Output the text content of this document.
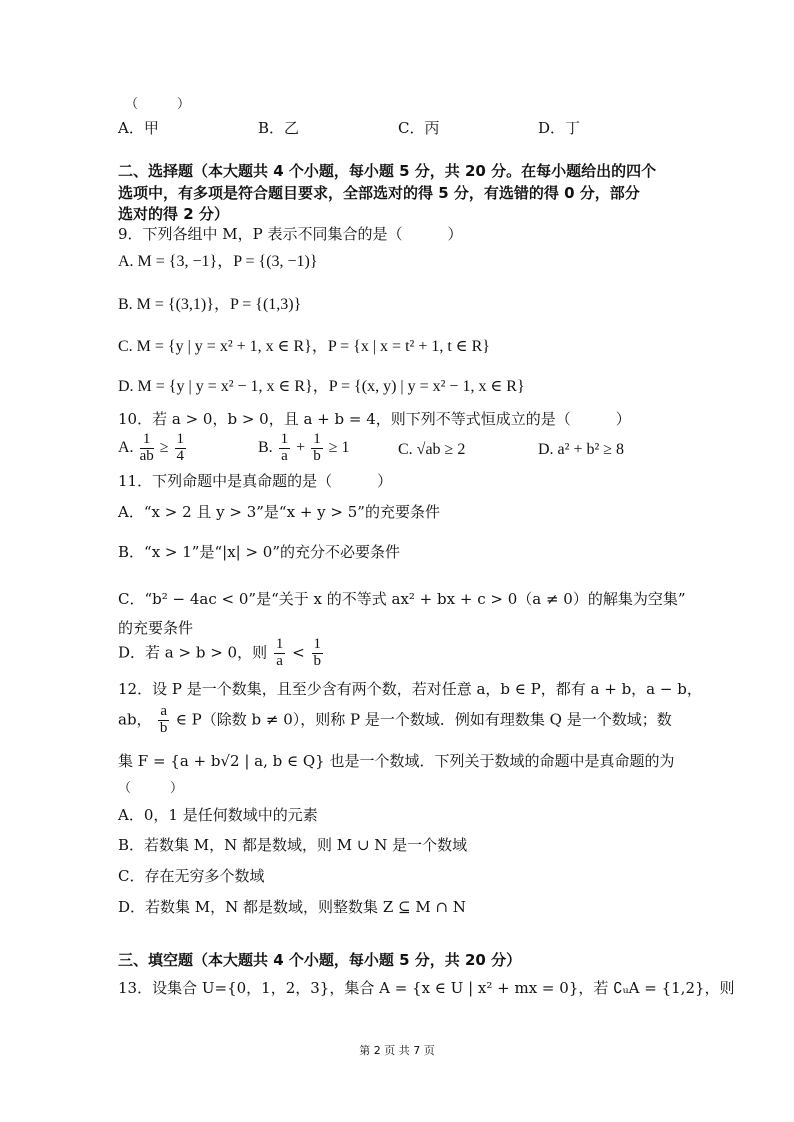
（　　　）
A．甲	B．乙	C．丙	D．丁
二、选择题（本大题共 4 个小题，每小题 5 分，共 20 分。在每小题给出的四个
选项中，有多项是符合题目要求，全部选对的得 5 分，有选错的得 0 分，部分
选对的得 2 分）
9．下列各组中 M，P 表示不同集合的是（　　　）
A. M = {3, −1}，P = {(3, −1)}
B. M = {(3,1)}，P = {(1,3)}
C. M = {y | y = x² + 1, x ∈ R}，P = {x | x = t² + 1, t ∈ R}
D. M = {y | y = x² − 1, x ∈ R}，P = {(x, y) | y = x² − 1, x ∈ R}
10．若 a > 0，b > 0，且 a + b = 4，则下列不等式恒成立的是（　　　）
A. $\frac{1}{ab} \ge \frac{1}{4}$	B. $\frac{1}{a} + \frac{1}{b} \ge 1$	C. √ab ≥ 2	D. a² + b² ≥ 8
11．下列命题中是真命题的是（　　　）
A．“x > 2 且 y > 3”是“x + y > 5”的充要条件
B．“x > 1”是“|x| > 0”的充分不必要条件
C．“b² − 4ac < 0”是“关于 x 的不等式 ax² + bx + c > 0（a ≠ 0）的解集为空集”
的充要条件
D．若 a > b > 0，则 $\frac{1}{a} < \frac{1}{b}$
12．设 P 是一个数集，且至少含有两个数，若对任意 a，b ∈ P，都有 a + b，a − b，
ab， $\frac{a}{b}$ ∈ P（除数 b ≠ 0），则称 P 是一个数域．例如有理数集 Q 是一个数域；数
集 F = {a + b√2 | a, b ∈ Q} 也是一个数域．下列关于数域的命题中是真命题的为
（　　　）
A．0，1 是任何数域中的元素
B．若数集 M，N 都是数域，则 M ∪ N 是一个数域
C．存在无穷多个数域
D．若数集 M，N 都是数域，则整数集 Z ⊆ M ∩ N
三、填空题（本大题共 4 个小题，每小题 5 分，共 20 分）
13．设集合 U={0，1，2，3}，集合 A = {x ∈ U | x² + mx = 0}，若 ∁ᵤA = {1,2}，则
第 2 页 共 7 页
